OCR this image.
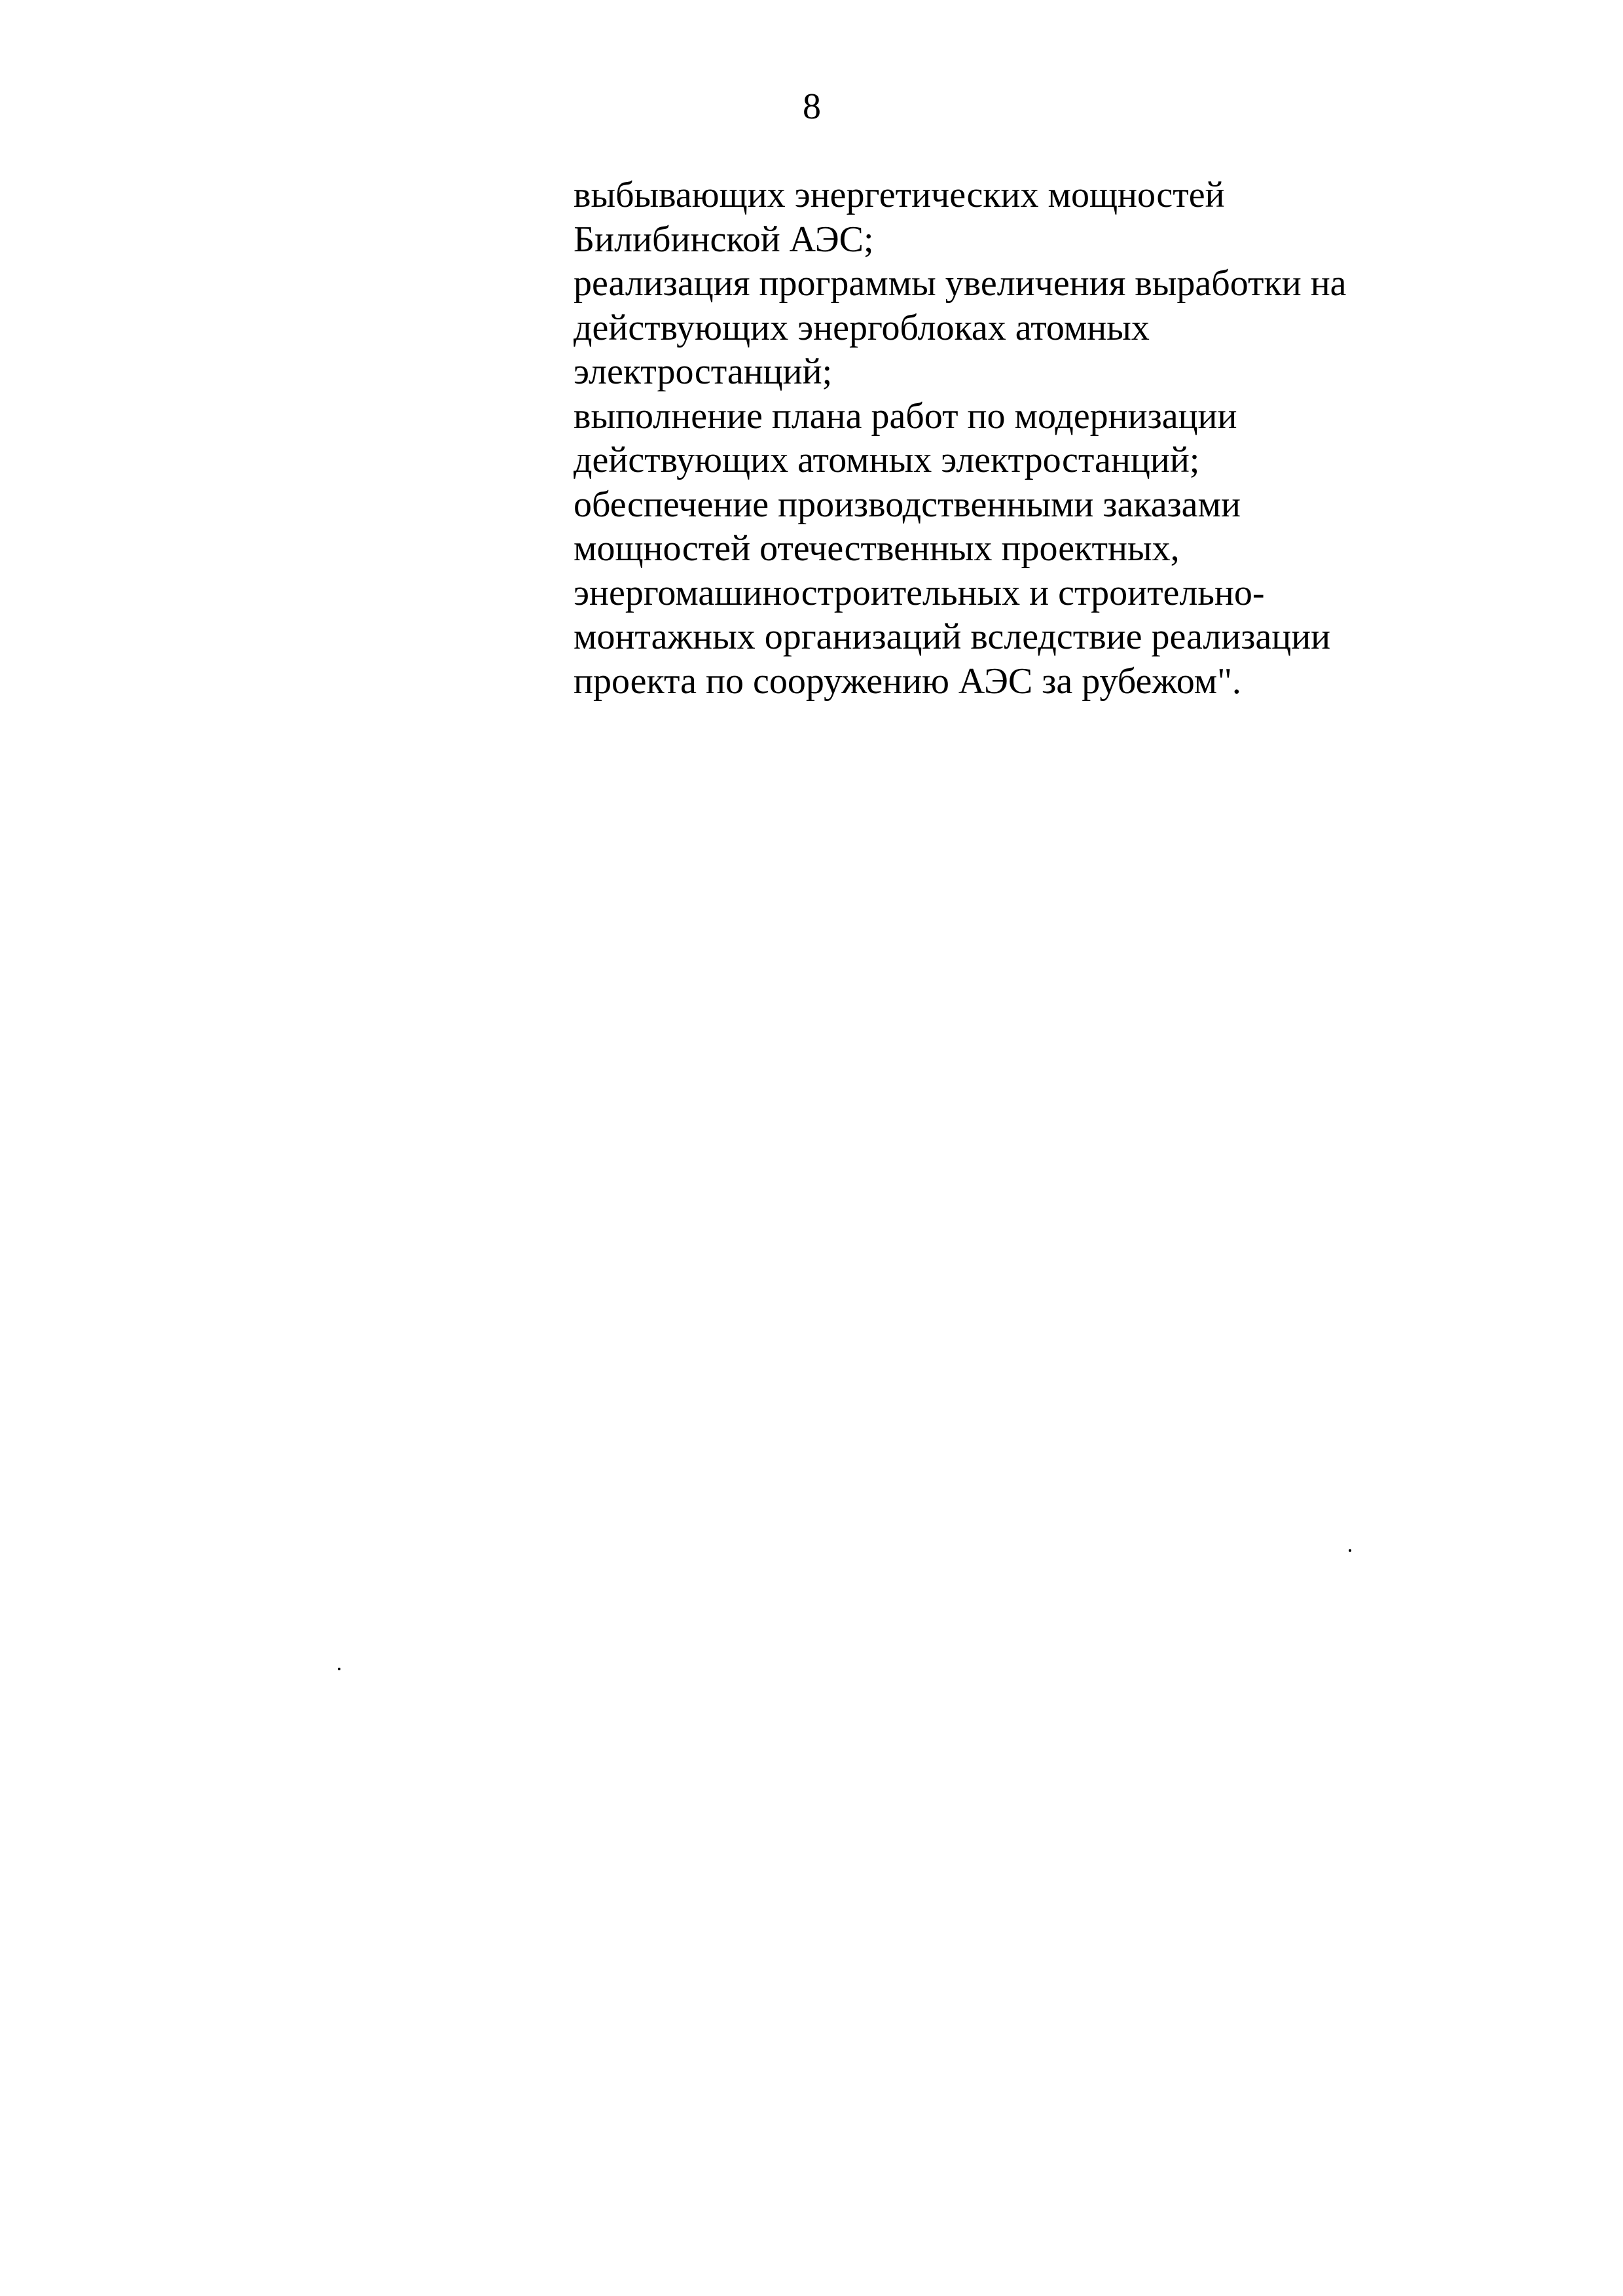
8
выбывающих энергетических мощностей
Билибинской АЭС;
реализация программы увеличения выработки на
действующих энергоблоках атомных
электростанций;
выполнение плана работ по модернизации
действующих атомных электростанций;
обеспечение производственными заказами
мощностей отечественных проектных,
энергомашиностроительных и строительно-
монтажных организаций вследствие реализации
проекта по сооружению АЭС за рубежом".
